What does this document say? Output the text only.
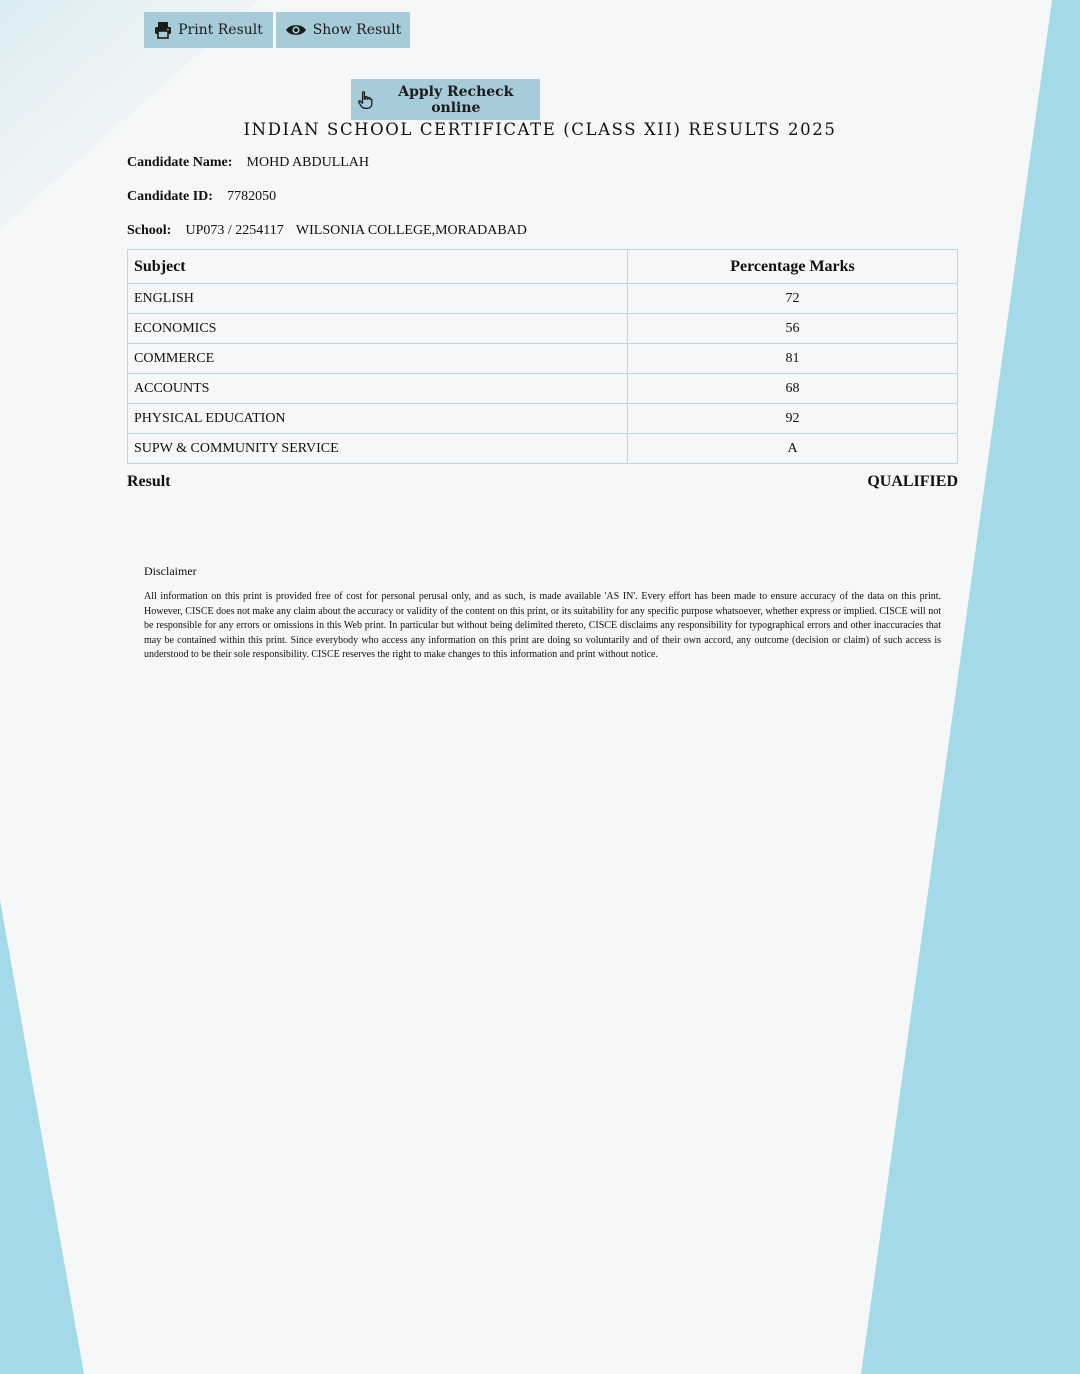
Print Result	Show Result
Apply Recheck online
INDIAN SCHOOL CERTIFICATE (CLASS XII) RESULTS 2025
Candidate Name: MOHD ABDULLAH
Candidate ID: 7782050
School: UP073 / 2254117 WILSONIA COLLEGE,MORADABAD
Subject	Percentage Marks
ENGLISH	72
ECONOMICS	56
COMMERCE	81
ACCOUNTS	68
PHYSICAL EDUCATION	92
SUPW & COMMUNITY SERVICE	A
Result	QUALIFIED
Disclaimer

All information on this print is provided free of cost for personal perusal only, and as such, is made available 'AS IN'. Every effort has been made to ensure accuracy of the data on this print. However, CISCE does not make any claim about the accuracy or validity of the content on this print, or its suitability for any specific purpose whatsoever, whether express or implied. CISCE will not be responsible for any errors or omissions in this Web print. In particular but without being delimited thereto, CISCE disclaims any responsibility for typographical errors and other inaccuracies that may be contained within this print. Since everybody who access any information on this print are doing so voluntarily and of their own accord, any outcome (decision or claim) of such access is understood to be their sole responsibility. CISCE reserves the right to make changes to this information and print without notice.
